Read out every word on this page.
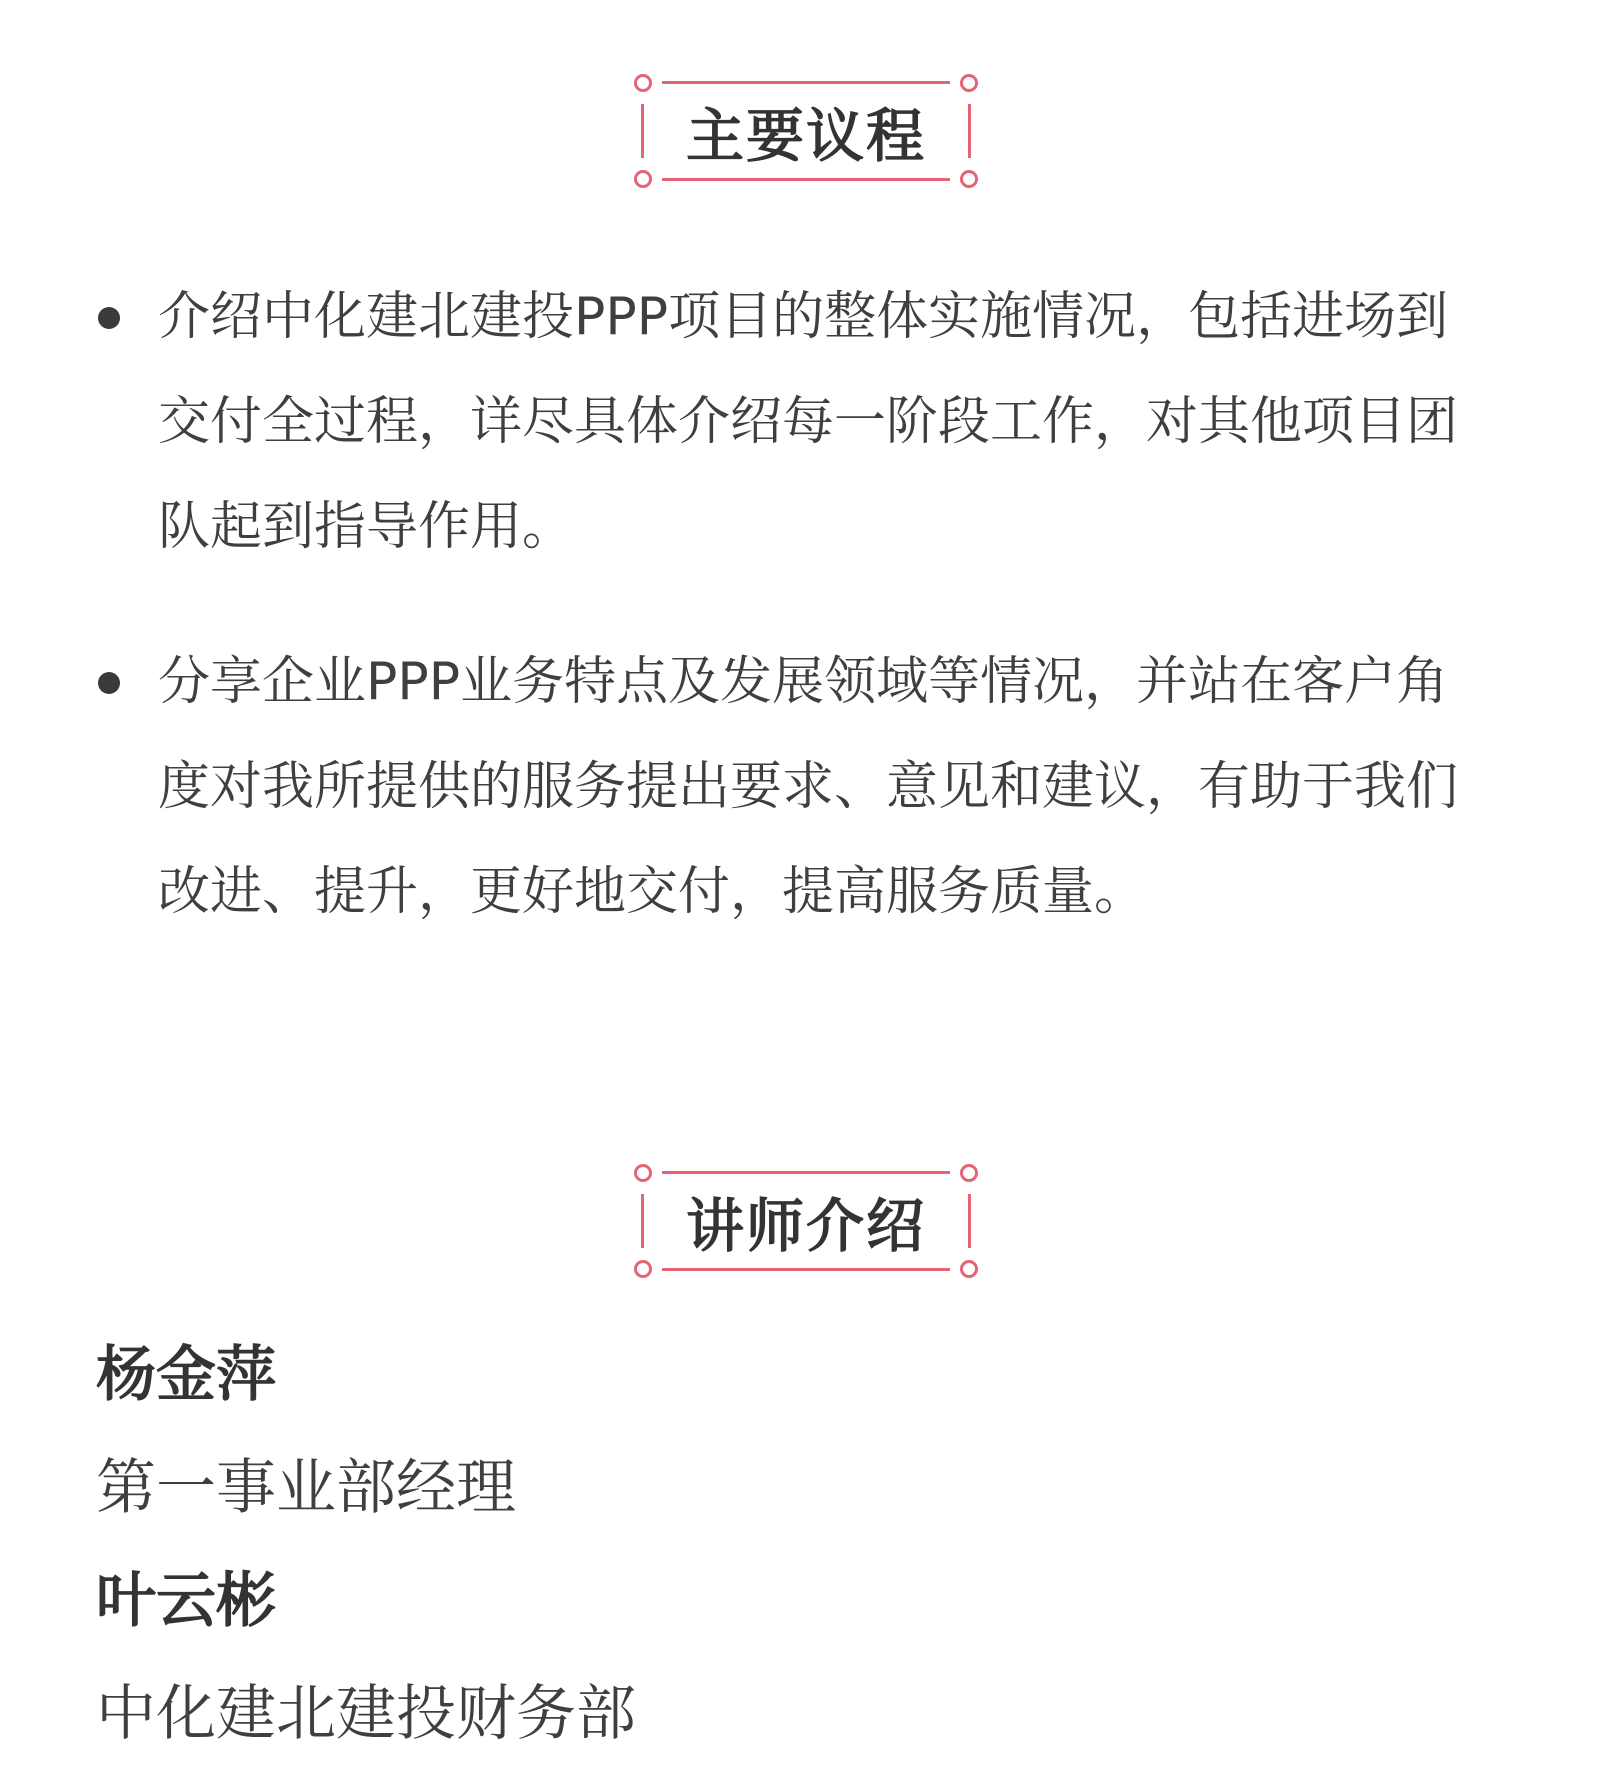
主要议程
介绍中化建北建投PPP项目的整体实施情况，包括进场到交付全过程，详尽具体介绍每一阶段工作，对其他项目团队起到指导作用。
分享企业PPP业务特点及发展领域等情况，并站在客户角度对我所提供的服务提出要求、意见和建议，有助于我们改进、提升，更好地交付，提高服务质量。
讲师介绍
杨金萍
第一事业部经理
叶云彬
中化建北建投财务部
